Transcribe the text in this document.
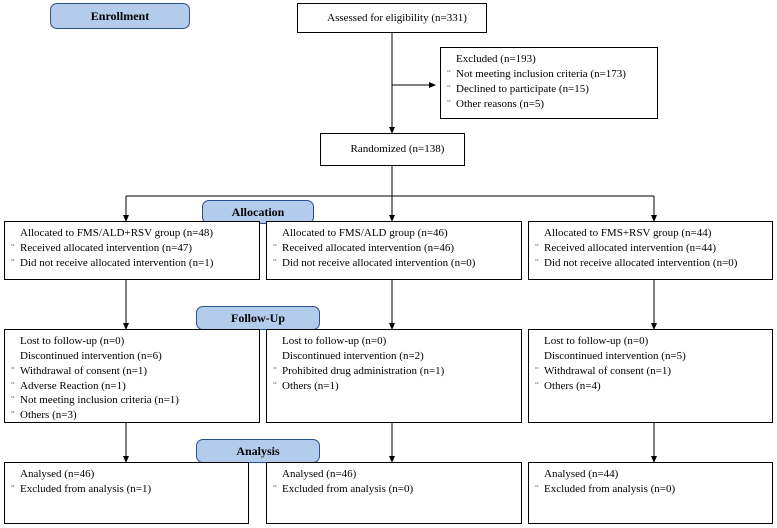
Enrollment
Allocation
Follow-Up
Analysis
Assessed for eligibility (n=331)
Excluded (n=193)
¨ Not meeting inclusion criteria (n=173)
¨ Declined to participate (n=15)
¨ Other reasons (n=5)
Randomized (n=138)
Allocated to FMS/ALD+RSV group (n=48)
¨ Received allocated intervention (n=47)
¨ Did not receive allocated intervention (n=1)
Allocated to FMS/ALD group (n=46)
¨ Received allocated intervention (n=46)
¨ Did not receive allocated intervention (n=0)
Allocated to FMS+RSV group (n=44)
¨ Received allocated intervention (n=44)
¨ Did not receive allocated intervention (n=0)
Lost to follow-up (n=0)
Discontinued intervention (n=6)
¨ Withdrawal of consent (n=1)
¨ Adverse Reaction (n=1)
¨ Not meeting inclusion criteria (n=1)
¨ Others (n=3)
Lost to follow-up (n=0)
Discontinued intervention (n=2)
¨ Prohibited drug administration (n=1)
¨ Others (n=1)
Lost to follow-up (n=0)
Discontinued intervention (n=5)
¨ Withdrawal of consent (n=1)
¨ Others (n=4)
Analysed (n=46)
¨ Excluded from analysis (n=1)
Analysed (n=46)
¨ Excluded from analysis (n=0)
Analysed (n=44)
¨ Excluded from analysis (n=0)
